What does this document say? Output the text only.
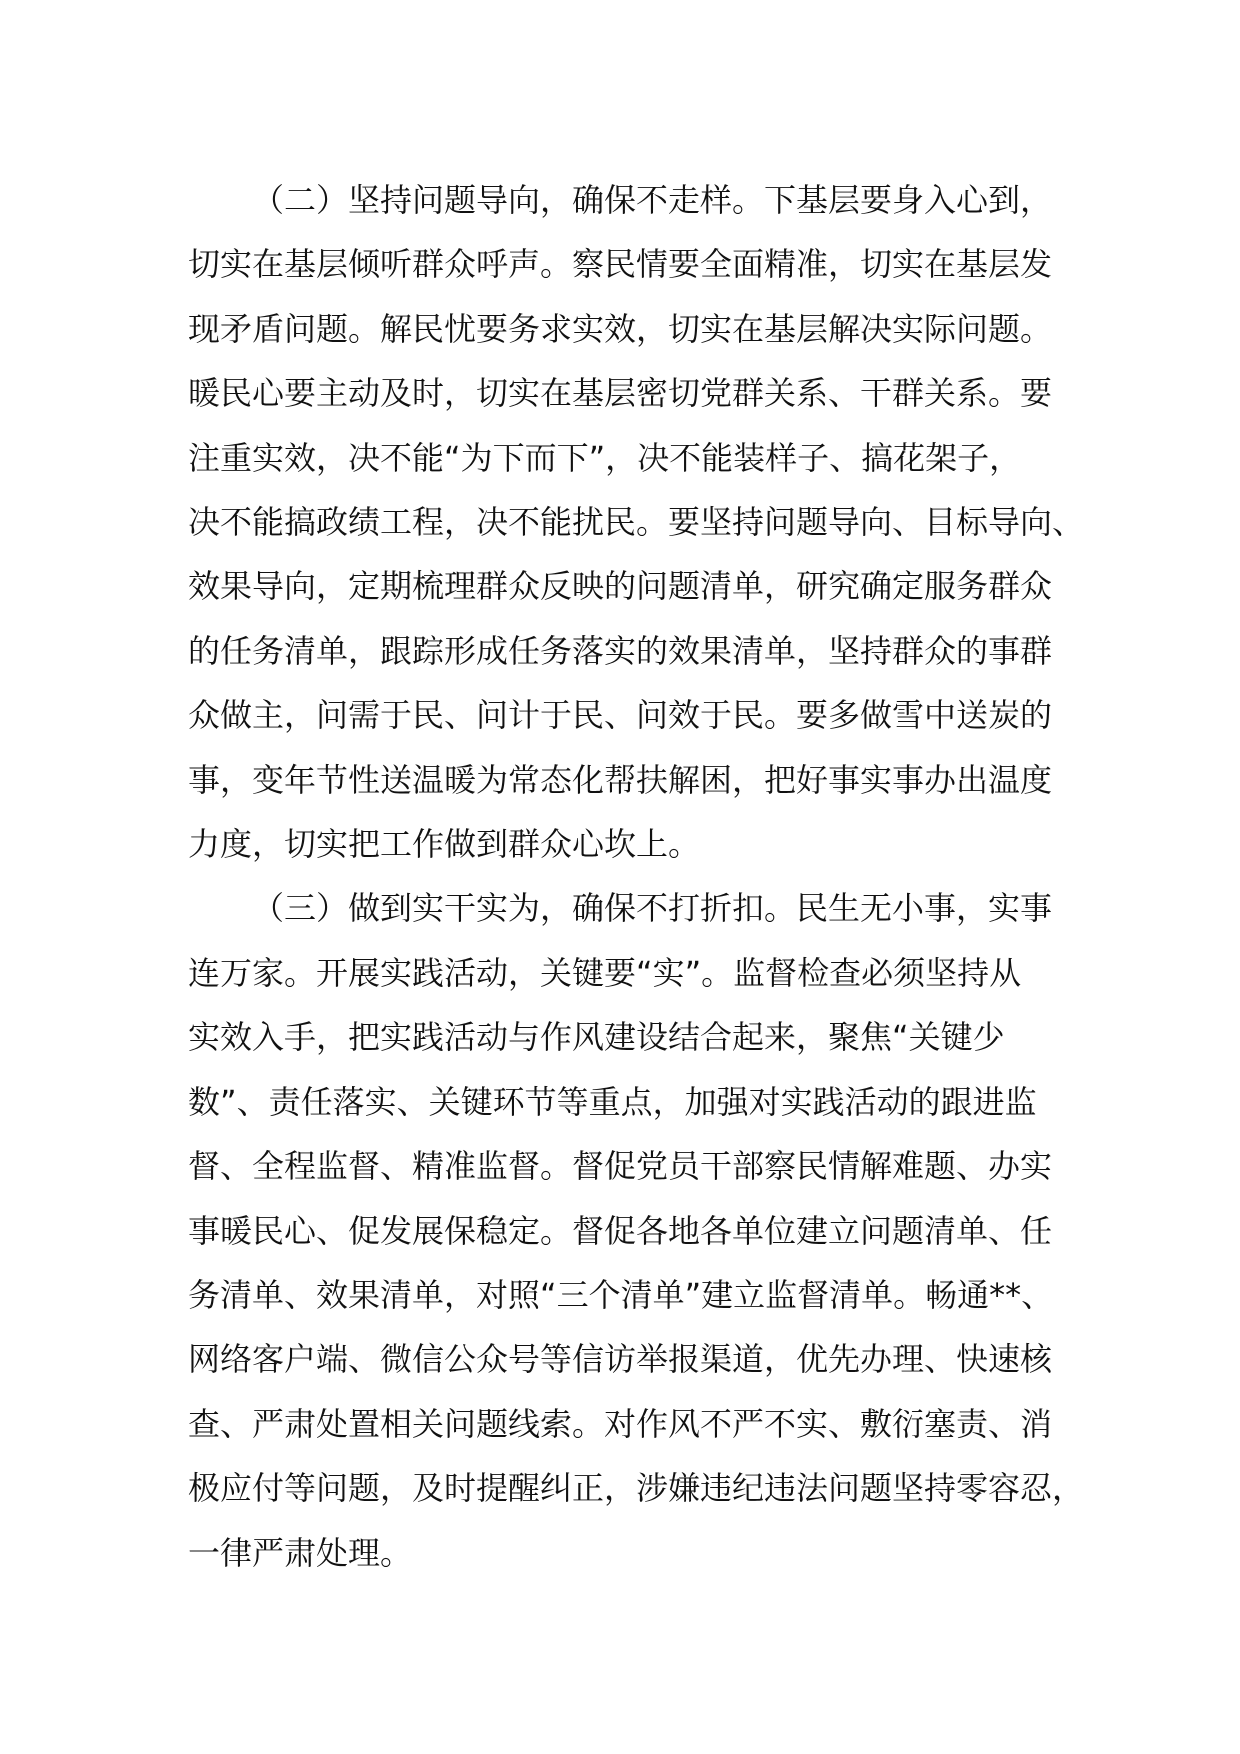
（二）坚持问题导向，确保不走样。下基层要身入心到，
切实在基层倾听群众呼声。察民情要全面精准，切实在基层发
现矛盾问题。解民忧要务求实效，切实在基层解决实际问题。
暖民心要主动及时，切实在基层密切党群关系、干群关系。要
注重实效，决不能“为下而下”，决不能装样子、搞花架子，
决不能搞政绩工程，决不能扰民。要坚持问题导向、目标导向、
效果导向，定期梳理群众反映的问题清单，研究确定服务群众
的任务清单，跟踪形成任务落实的效果清单，坚持群众的事群
众做主，问需于民、问计于民、问效于民。要多做雪中送炭的
事，变年节性送温暖为常态化帮扶解困，把好事实事办出温度
力度，切实把工作做到群众心坎上。

（三）做到实干实为，确保不打折扣。民生无小事，实事
连万家。开展实践活动，关键要“实”。监督检查必须坚持从
实效入手，把实践活动与作风建设结合起来，聚焦“关键少
数”、责任落实、关键环节等重点，加强对实践活动的跟进监
督、全程监督、精准监督。督促党员干部察民情解难题、办实
事暖民心、促发展保稳定。督促各地各单位建立问题清单、任
务清单、效果清单，对照“三个清单”建立监督清单。畅通**、
网络客户端、微信公众号等信访举报渠道，优先办理、快速核
查、严肃处置相关问题线索。对作风不严不实、敷衍塞责、消
极应付等问题，及时提醒纠正，涉嫌违纪违法问题坚持零容忍，
一律严肃处理。
